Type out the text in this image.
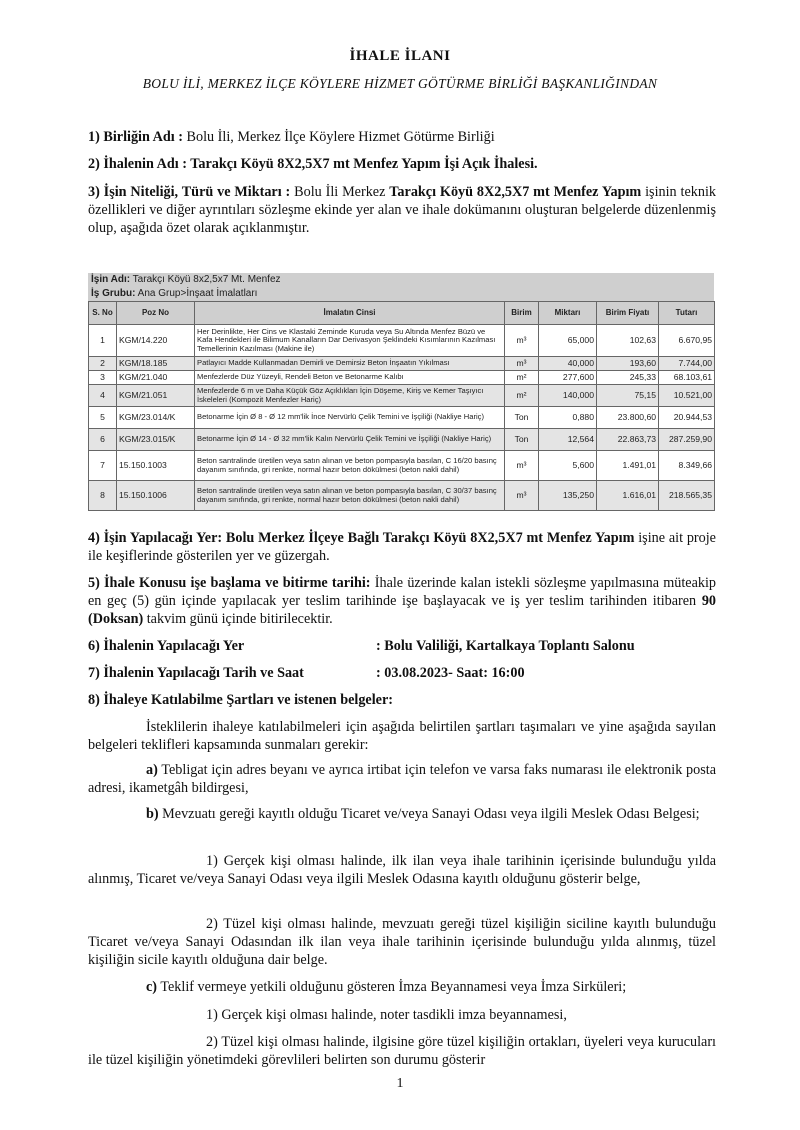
İHALE İLANI
BOLU İLİ, MERKEZ İLÇE KÖYLERE HİZMET GÖTÜRME BİRLİĞİ BAŞKANLIĞINDAN
1) Birliğin Adı : Bolu İli, Merkez İlçe Köylere Hizmet Götürme Birliği
2) İhalenin Adı : Tarakçı Köyü 8X2,5X7 mt Menfez Yapım İşi Açık İhalesi.
3) İşin Niteliği, Türü ve Miktarı : Bolu İli Merkez Tarakçı Köyü 8X2,5X7 mt Menfez Yapım işinin teknik özellikleri ve diğer ayrıntıları sözleşme ekinde yer alan ve ihale dokümanını oluşturan belgelerde düzenlenmiş olup, aşağıda özet olarak açıklanmıştır.
İşin Adı: Tarakçı Köyü 8x2,5x7 Mt. Menfez
İş Grubu: Ana Grup>İnşaat İmalatları
S. No	Poz No	İmalatın Cinsi	Birim	Miktarı	Birim Fiyatı	Tutarı
1	KGM/14.220	Her Derinlikte, Her Cins ve Klastaki Zeminde Kuruda veya Su Altında Menfez Büzü ve Kafa Hendekleri ile Bilimum Kanalların Dar Derivasyon Şeklindeki Kısımlarının Kazılması Temellerinin Kazılması (Makine ile)	m³	65,000	102,63	6.670,95
2	KGM/18.185	Patlayıcı Madde Kullanmadan Demirli ve Demirsiz Beton İnşaatın Yıkılması	m³	40,000	193,60	7.744,00
3	KGM/21.040	Menfezlerde Düz Yüzeyli, Rendeli Beton ve Betonarme Kalıbı	m²	277,600	245,33	68.103,61
4	KGM/21.051	Menfezlerde 6 m ve Daha Küçük Göz Açıklıkları İçin Döşeme, Kiriş ve Kemer Taşıyıcı İskeleleri (Kompozit Menfezler Hariç)	m²	140,000	75,15	10.521,00
5	KGM/23.014/K	Betonarme İçin Ø 8 - Ø 12 mm'lik İnce Nervürlü Çelik Temini ve İşçiliği (Nakliye Hariç)	Ton	0,880	23.800,60	20.944,53
6	KGM/23.015/K	Betonarme İçin Ø 14 - Ø 32 mm'lik Kalın Nervürlü Çelik Temini ve İşçiliği (Nakliye Hariç)	Ton	12,564	22.863,73	287.259,90
7	15.150.1003	Beton santralinde üretilen veya satın alınan ve beton pompasıyla basılan, C 16/20 basınç dayanım sınıfında, gri renkte, normal hazır beton dökülmesi (beton nakli dahil)	m³	5,600	1.491,01	8.349,66
8	15.150.1006	Beton santralinde üretilen veya satın alınan ve beton pompasıyla basılan, C 30/37 basınç dayanım sınıfında, gri renkte, normal hazır beton dökülmesi (beton nakli dahil)	m³	135,250	1.616,01	218.565,35
4) İşin Yapılacağı Yer: Bolu Merkez İlçeye Bağlı Tarakçı Köyü 8X2,5X7 mt Menfez Yapım işine ait proje ile keşiflerinde gösterilen yer ve güzergah.
5) İhale Konusu işe başlama ve bitirme tarihi: İhale üzerinde kalan istekli sözleşme yapılmasına müteakip en geç (5) gün içinde yapılacak yer teslim tarihinde işe başlayacak ve iş yer teslim tarihinden itibaren 90 (Doksan) takvim günü içinde bitirilecektir.
6) İhalenin Yapılacağı Yer	: Bolu Valiliği, Kartalkaya Toplantı Salonu
7) İhalenin Yapılacağı Tarih ve Saat	: 03.08.2023- Saat: 16:00
8) İhaleye Katılabilme Şartları ve istenen belgeler:
İsteklilerin ihaleye katılabilmeleri için aşağıda belirtilen şartları taşımaları ve yine aşağıda sayılan belgeleri teklifleri kapsamında sunmaları gerekir:
a) Tebligat için adres beyanı ve ayrıca irtibat için telefon ve varsa faks numarası ile elektronik posta adresi, ikametgâh bildirgesi,
b) Mevzuatı gereği kayıtlı olduğu Ticaret ve/veya Sanayi Odası veya ilgili Meslek Odası Belgesi;
1) Gerçek kişi olması halinde, ilk ilan veya ihale tarihinin içerisinde bulunduğu yılda alınmış, Ticaret ve/veya Sanayi Odası veya ilgili Meslek Odasına kayıtlı olduğunu gösterir belge,
2) Tüzel kişi olması halinde, mevzuatı gereği tüzel kişiliğin siciline kayıtlı bulunduğu Ticaret ve/veya Sanayi Odasından ilk ilan veya ihale tarihinin içerisinde bulunduğu yılda alınmış, tüzel kişiliğin sicile kayıtlı olduğuna dair belge.
c) Teklif vermeye yetkili olduğunu gösteren İmza Beyannamesi veya İmza Sirküleri;
1) Gerçek kişi olması halinde, noter tasdikli imza beyannamesi,
2) Tüzel kişi olması halinde, ilgisine göre tüzel kişiliğin ortakları, üyeleri veya kurucuları ile tüzel kişiliğin yönetimdeki görevlileri belirten son durumu gösterir
1
